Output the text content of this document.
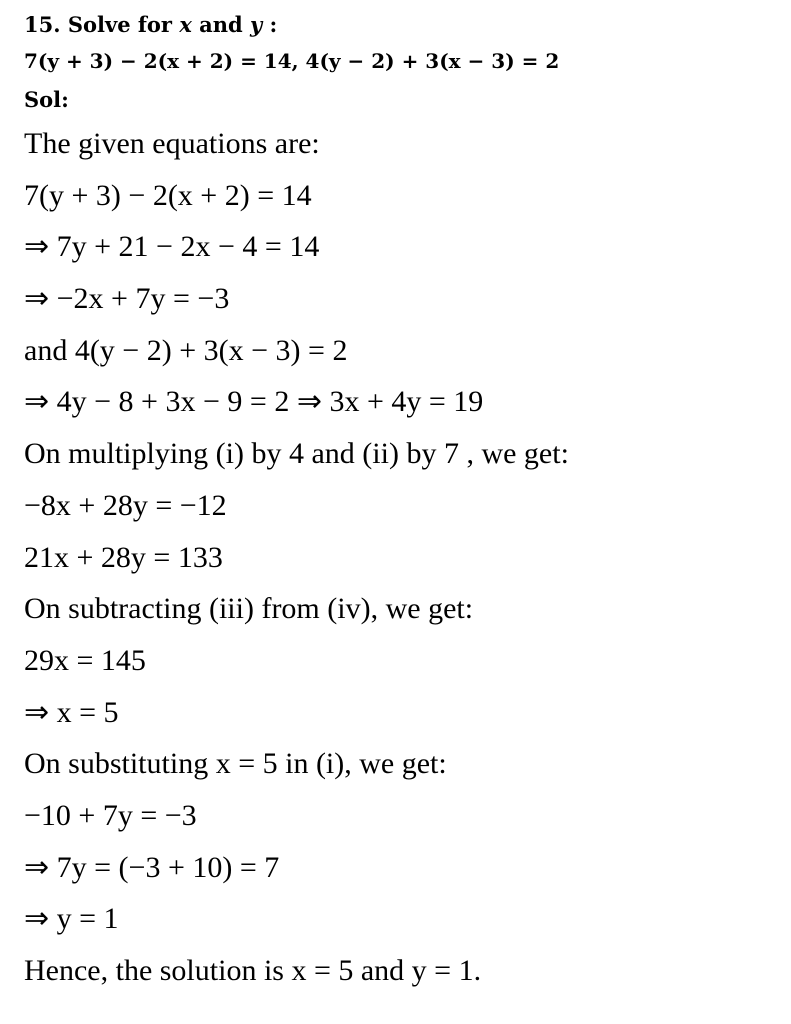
15. Solve for x and y :
7(y + 3) − 2(x + 2) = 14, 4(y − 2) + 3(x − 3) = 2
Sol:
The given equations are:
7(y + 3) − 2(x + 2) = 14
⇒ 7y + 21 − 2x − 4 = 14
⇒ −2x + 7y = −3
and 4(y − 2) + 3(x − 3) = 2
⇒ 4y − 8 + 3x − 9 = 2 ⇒ 3x + 4y = 19
On multiplying (i) by 4 and (ii) by 7 , we get:
−8x + 28y = −12
21x + 28y = 133
On subtracting (iii) from (iv), we get:
29x = 145
⇒ x = 5
On substituting x = 5 in (i), we get:
−10 + 7y = −3
⇒ 7y = (−3 + 10) = 7
⇒ y = 1
Hence, the solution is x = 5 and y = 1.
